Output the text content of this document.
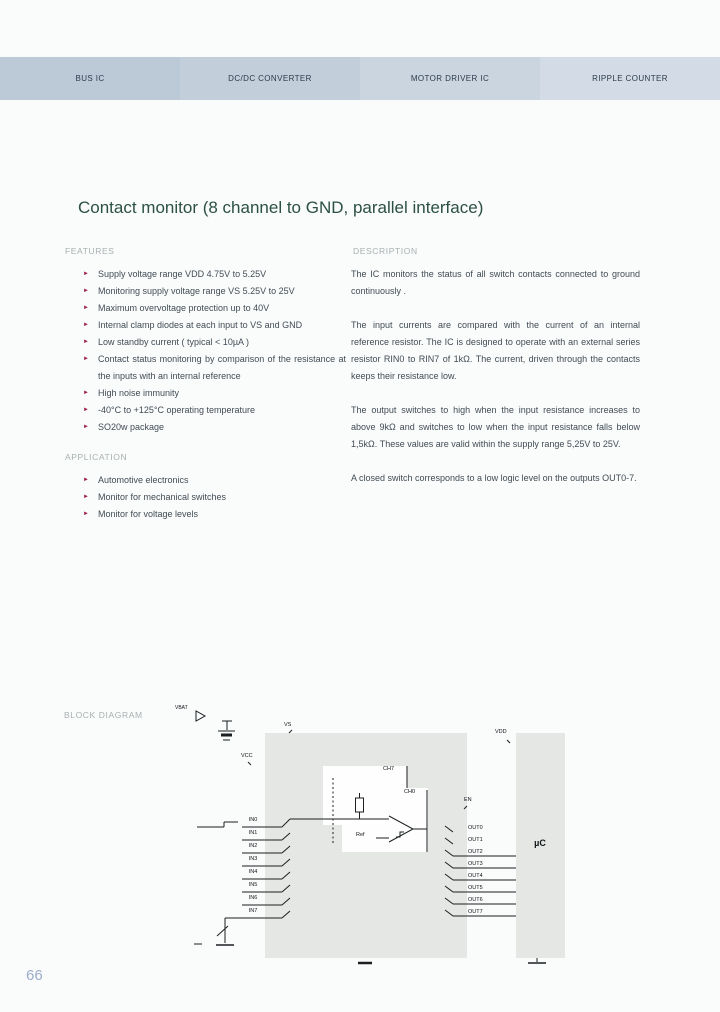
BUS IC	DC/DC CONVERTER	MOTOR DRIVER IC	RIPPLE COUNTER
Contact monitor (8 channel to GND, parallel interface)
FEATURES
► Supply voltage range VDD 4.75V to 5.25V
► Monitoring supply voltage range VS 5.25V to 25V
► Maximum overvoltage protection up to 40V
► Internal clamp diodes at each input to VS and GND
► Low standby current ( typical < 10µA )
► Contact status monitoring by comparison of the resistance at the inputs with an internal reference
► High noise immunity
► -40°C to +125°C operating temperature
► SO20w package
APPLICATION
► Automotive electronics
► Monitor for mechanical switches
► Monitor for voltage levels
DESCRIPTION

The IC monitors the status of all switch contacts connected to ground continuously .

The input currents are compared with the current of an internal reference resistor. The IC is designed to operate with an external series resistor RIN0 to RIN7 of 1kΩ. The current, driven through the contacts keeps their resistance low.

The output switches to high when the input resistance increases to above 9kΩ and switches to low when the input resistance falls below 1,5kΩ. These values are valid within the supply range 5,25V to 25V.

A closed switch corresponds to a low logic level on the outputs OUT0-7.

BLOCK DIAGRAM
VBAT
VS
VCC
VDD
EN
Ref
CH7
CH0
µC
IN0
IN1
IN2
IN3
IN4
IN5
IN6
IN7
OUT0
OUT1
OUT2
OUT3
OUT4
OUT5
OUT6
OUT7
66
